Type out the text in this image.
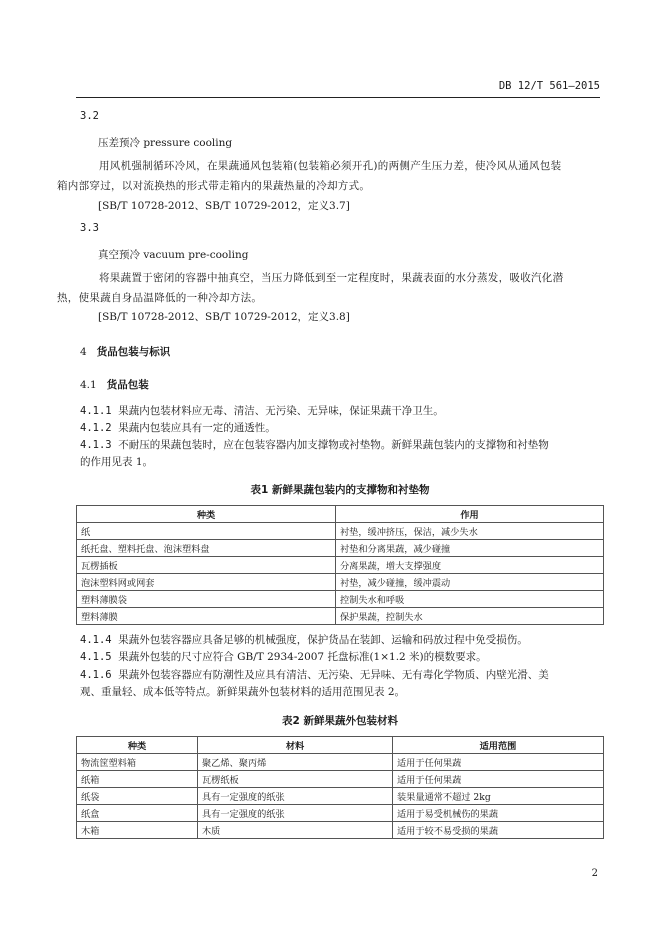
DB 12/T 561—2015
3.2
压差预冷 pressure cooling
用风机强制循环冷风，在果蔬通风包装箱(包装箱必须开孔)的两侧产生压力差，使冷风从通风包装
箱内部穿过，以对流换热的形式带走箱内的果蔬热量的冷却方式。
[SB/T 10728-2012、SB/T 10729-2012，定义3.7]
3.3
真空预冷 vacuum pre-cooling
将果蔬置于密闭的容器中抽真空，当压力降低到至一定程度时，果蔬表面的水分蒸发，吸收汽化潜
热，使果蔬自身品温降低的一种冷却方法。
[SB/T 10728-2012、SB/T 10729-2012，定义3.8]
4 货品包装与标识
4.1 货品包装
4.1.1 果蔬内包装材料应无毒、清洁、无污染、无异味，保证果蔬干净卫生。
4.1.2 果蔬内包装应具有一定的通透性。
4.1.3 不耐压的果蔬包装时，应在包装容器内加支撑物或衬垫物。新鲜果蔬包装内的支撑物和衬垫物
的作用见表 1。
表1 新鲜果蔬包装内的支撑物和衬垫物
种类	作用
纸	衬垫，缓冲挤压，保洁，减少失水
纸托盘、塑料托盘、泡沫塑料盘	衬垫和分离果蔬，减少碰撞
瓦楞插板	分离果蔬，增大支撑强度
泡沫塑料网或网套	衬垫，减少碰撞，缓冲震动
塑料薄膜袋	控制失水和呼吸
塑料薄膜	保护果蔬，控制失水
4.1.4 果蔬外包装容器应具备足够的机械强度，保护货品在装卸、运输和码放过程中免受损伤。
4.1.5 果蔬外包装的尺寸应符合 GB/T 2934-2007 托盘标准(1×1.2 米)的模数要求。
4.1.6 果蔬外包装容器应有防潮性及应具有清洁、无污染、无异味、无有毒化学物质、内壁光滑、美
观、重量轻、成本低等特点。新鲜果蔬外包装材料的适用范围见表 2。
表2 新鲜果蔬外包装材料
种类	材料	适用范围
物流筐塑料箱	聚乙烯、聚丙烯	适用于任何果蔬
纸箱	瓦楞纸板	适用于任何果蔬
纸袋	具有一定强度的纸张	装果量通常不超过 2kg
纸盒	具有一定强度的纸张	适用于易受机械伤的果蔬
木箱	木质	适用于较不易受损的果蔬
2
